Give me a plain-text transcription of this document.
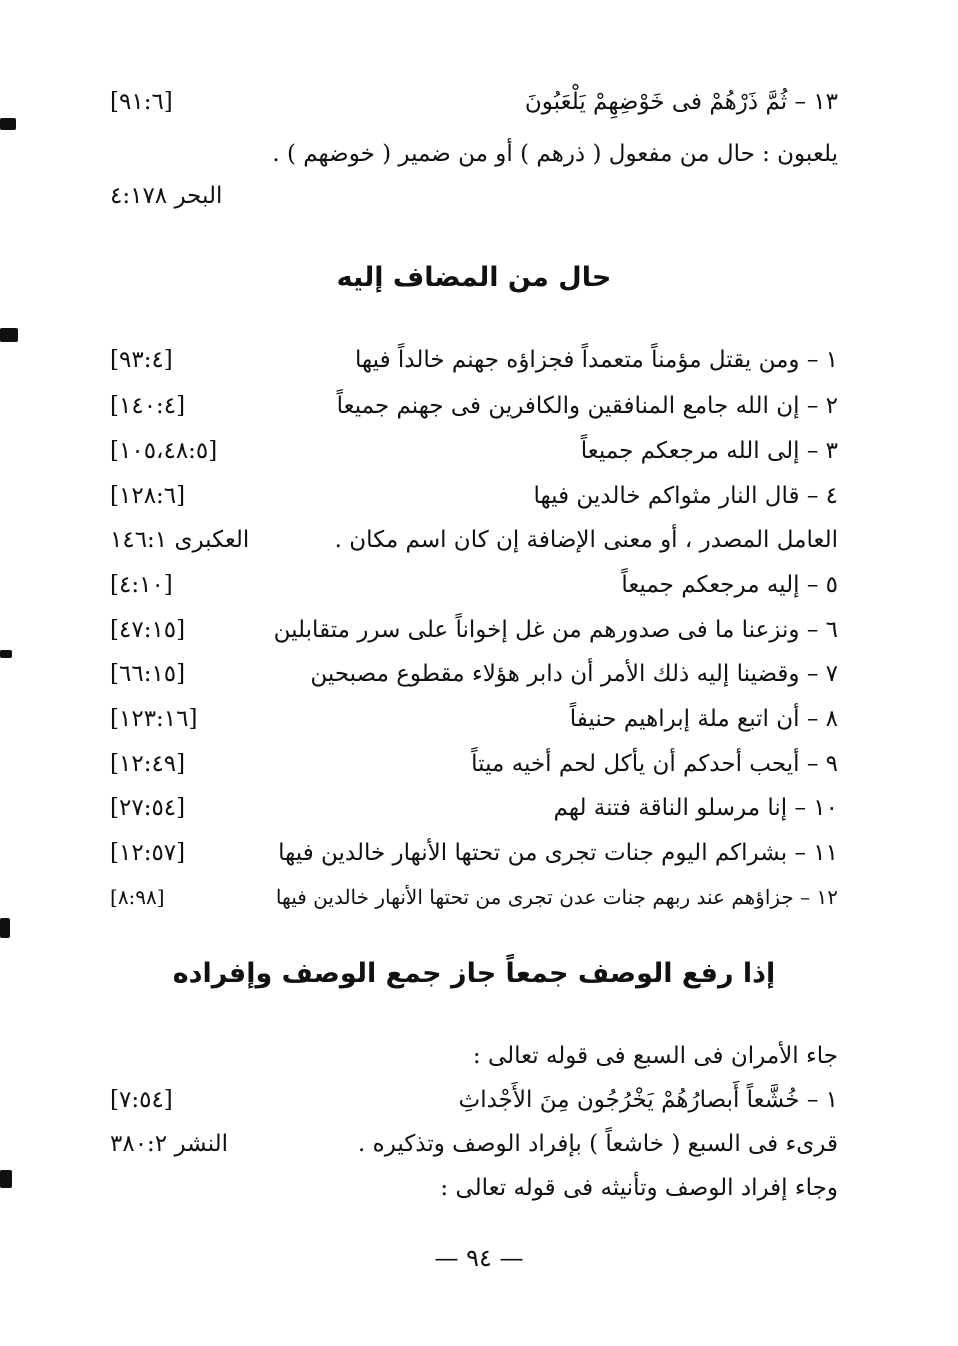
١٣ – ثُمَّ ذَرْهُمْ فى خَوْضِهِمْ يَلْعَبُونَ
[٩١:٦]
يلعبون : حال من مفعول ( ذرهم ) أو من ضمير ( خوضهم ) .
البحر ٤:١٧٨
حال من المضاف إليه
١ – ومن يقتل مؤمناً متعمداً فجزاؤه جهنم خالداً فيها
[٩٣:٤]
٢ – إن الله جامع المنافقين والكافرين فى جهنم جميعاً
[١٤٠:٤]
٣ – إلى الله مرجعكم جميعاً
[١٠٥،٤٨:٥]
٤ – قال النار مثواكم خالدين فيها
[١٢٨:٦]
العامل المصدر ، أو معنى الإضافة إن كان اسم مكان .
العكبرى ١٤٦:١
٥ – إليه مرجعكم جميعاً
[٤:١٠]
٦ – ونزعنا ما فى صدورهم من غل إخواناً على سرر متقابلين
[٤٧:١٥]
٧ – وقضينا إليه ذلك الأمر أن دابر هؤلاء مقطوع مصبحين
[٦٦:١٥]
٨ – أن اتبع ملة إبراهيم حنيفاً
[١٢٣:١٦]
٩ – أيحب أحدكم أن يأكل لحم أخيه ميتاً
[١٢:٤٩]
١٠ – إنا مرسلو الناقة فتنة لهم
[٢٧:٥٤]
١١ – بشراكم اليوم جنات تجرى من تحتها الأنهار خالدين فيها
[١٢:٥٧]
١٢ – جزاؤهم عند ربهم جنات عدن تجرى من تحتها الأنهار خالدين فيها
[٨:٩٨]
إذا رفع الوصف جمعاً جاز جمع الوصف وإفراده
جاء الأمران فى السبع فى قوله تعالى :
١ – خُشَّعاً أَبصارُهُمْ يَخْرُجُون مِنَ الأَجْداثِ
[٧:٥٤]
قرىء فى السبع ( خاشعاً ) بإفراد الوصف وتذكيره .
النشر ٣٨٠:٢
وجاء إفراد الوصف وتأنيثه فى قوله تعالى :
— ٩٤ —
